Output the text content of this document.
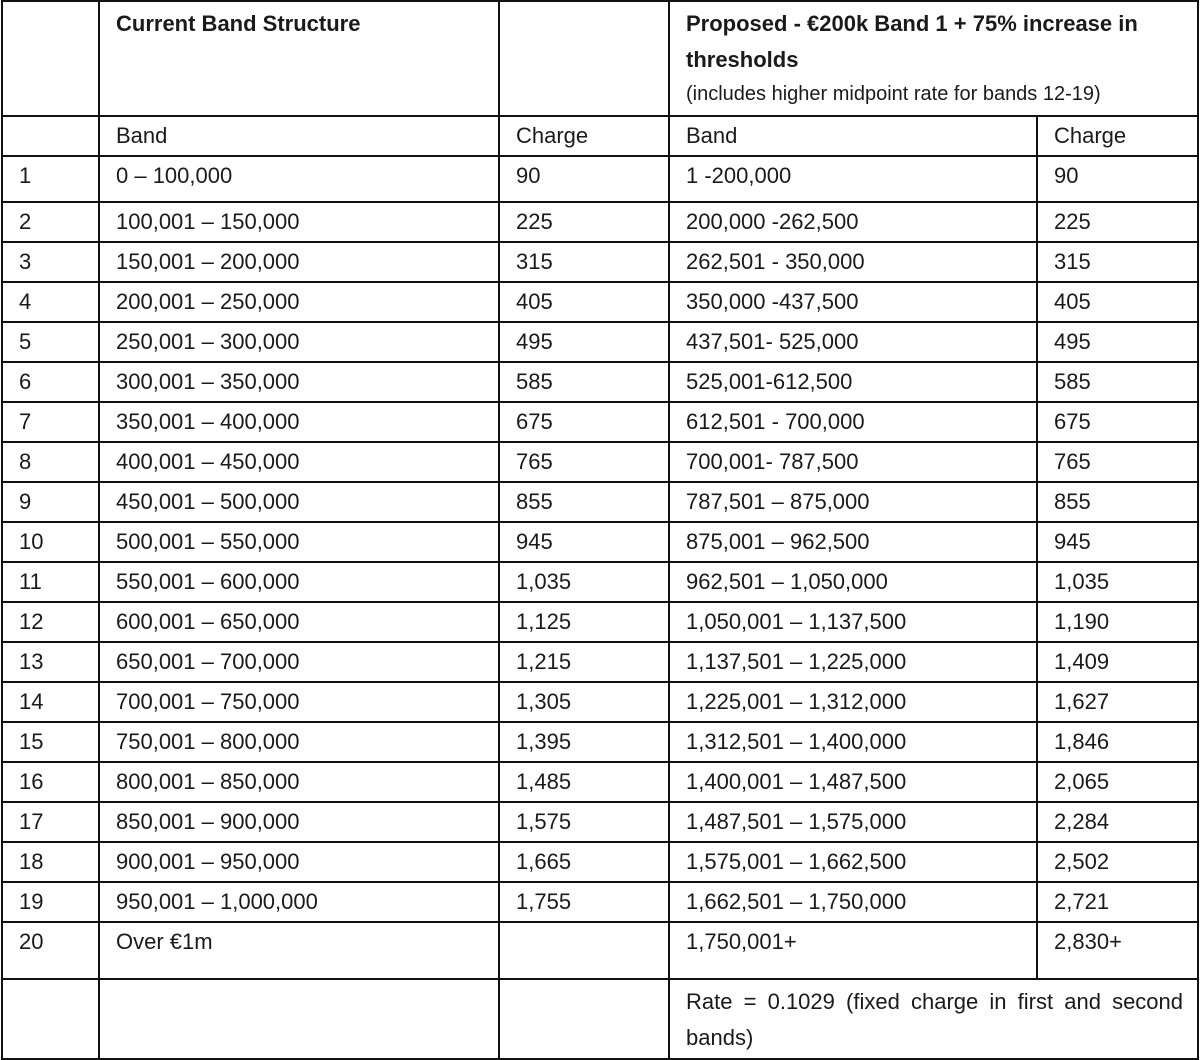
	Current Band Structure		Proposed - €200k Band 1 + 75% increase in thresholds
(includes higher midpoint rate for bands 12-19)	

	Band	Charge	Band	Charge
1	0 – 100,000	90	1 -200,000	90
2	100,001 – 150,000	225	200,000 -262,500	225
3	150,001 – 200,000	315	262,501 - 350,000	315
4	200,001 – 250,000	405	350,000 -437,500	405
5	250,001 – 300,000	495	437,501- 525,000	495
6	300,001 – 350,000	585	525,001-612,500	585
7	350,001 – 400,000	675	612,501 - 700,000	675
8	400,001 – 450,000	765	700,001- 787,500	765
9	450,001 – 500,000	855	787,501 – 875,000	855
10	500,001 – 550,000	945	875,001 – 962,500	945
11	550,001 – 600,000	1,035	962,501 – 1,050,000	1,035
12	600,001 – 650,000	1,125	1,050,001 – 1,137,500	1,190
13	650,001 – 700,000	1,215	1,137,501 – 1,225,000	1,409
14	700,001 – 750,000	1,305	1,225,001 – 1,312,000	1,627
15	750,001 – 800,000	1,395	1,312,501 – 1,400,000	1,846
16	800,001 – 850,000	1,485	1,400,001 – 1,487,500	2,065
17	850,001 – 900,000	1,575	1,487,501 – 1,575,000	2,284
18	900,001 – 950,000	1,665	1,575,001 – 1,662,500	2,502
19	950,001 – 1,000,000	1,755	1,662,501 – 1,750,000	2,721
20	Over €1m		1,750,001+	2,830+
			Rate = 0.1029 (fixed charge in first and second bands)	
